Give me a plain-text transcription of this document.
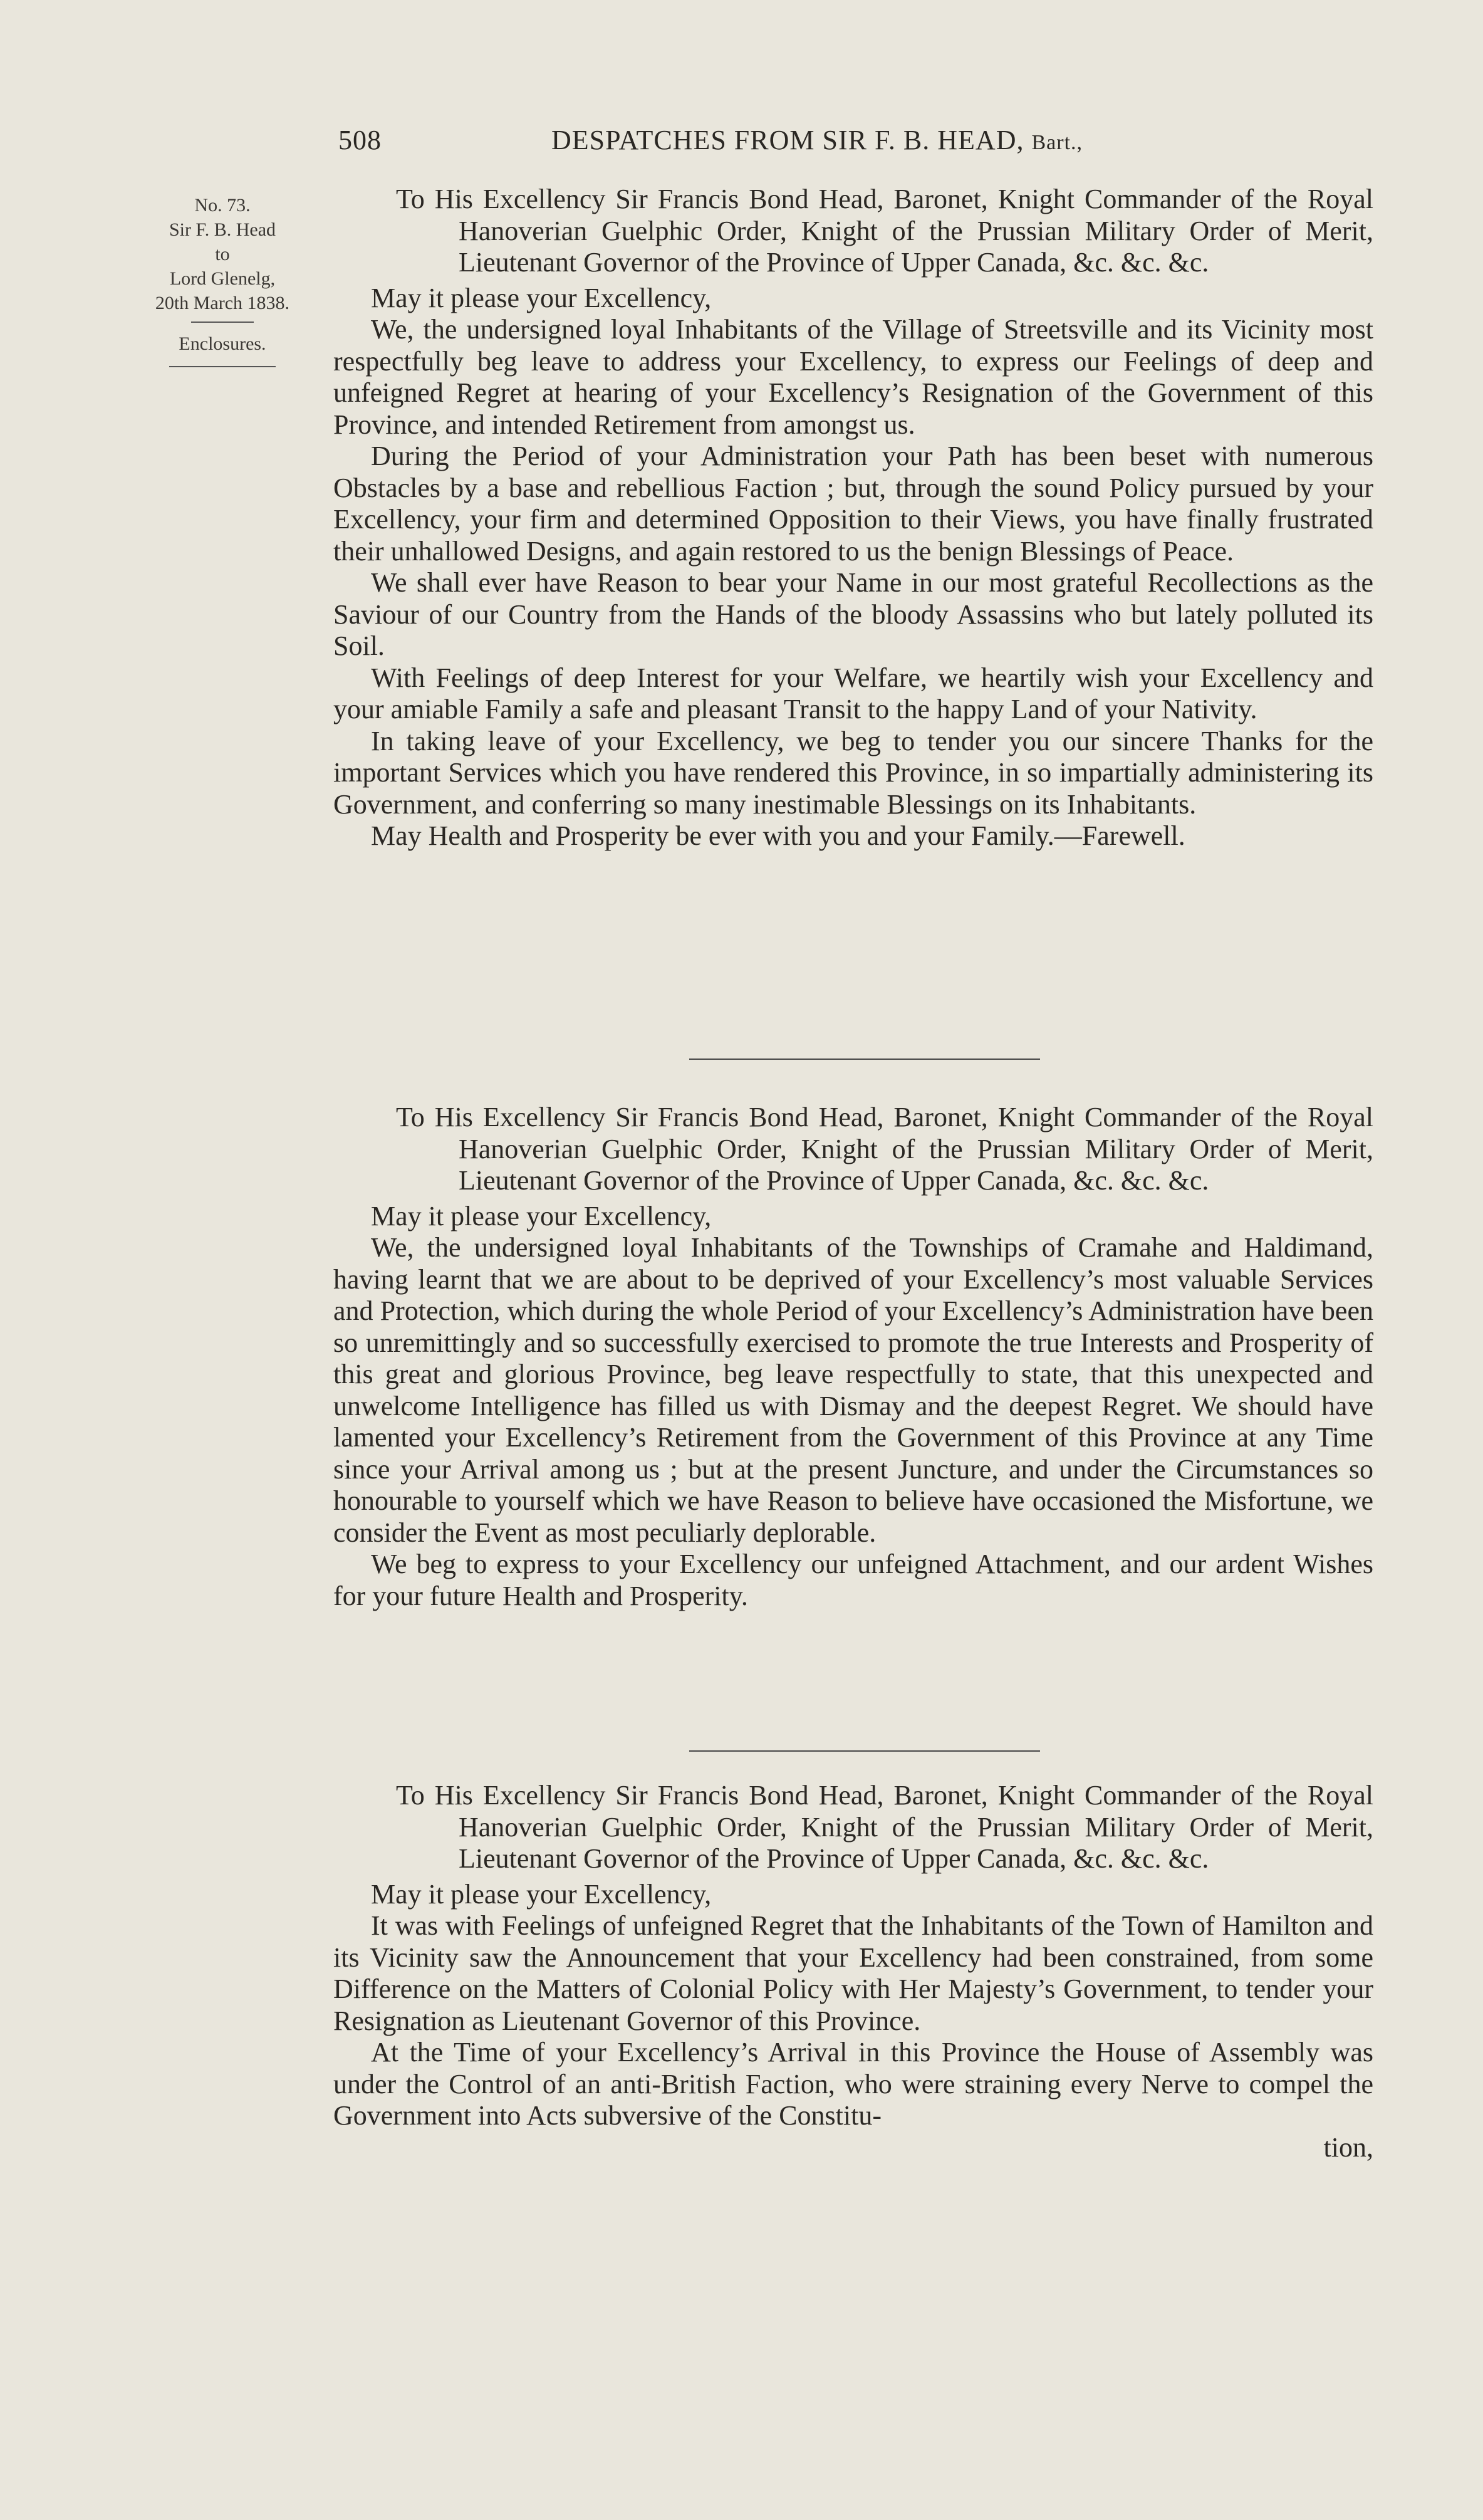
508	DESPATCHES FROM SIR F. B. HEAD, Bart.,
No. 73.
Sir F. B. Head
to
Lord Glenelg,
20th March 1838.
Enclosures.

To His Excellency Sir Francis Bond Head, Baronet, Knight Commander of the Royal Hanoverian Guelphic Order, Knight of the Prussian Military Order of Merit, Lieutenant Governor of the Province of Upper Canada, &c. &c. &c.

May it please your Excellency,

We, the undersigned loyal Inhabitants of the Village of Streetsville and its Vicinity most respectfully beg leave to address your Excellency, to express our Feelings of deep and unfeigned Regret at hearing of your Excellency’s Resignation of the Government of this Province, and intended Retirement from amongst us.

During the Period of your Administration your Path has been beset with numerous Obstacles by a base and rebellious Faction ; but, through the sound Policy pursued by your Excellency, your firm and determined Opposition to their Views, you have finally frustrated their unhallowed Designs, and again restored to us the benign Blessings of Peace.

We shall ever have Reason to bear your Name in our most grateful Recollections as the Saviour of our Country from the Hands of the bloody Assassins who but lately polluted its Soil.

With Feelings of deep Interest for your Welfare, we heartily wish your Excellency and your amiable Family a safe and pleasant Transit to the happy Land of your Nativity.

In taking leave of your Excellency, we beg to tender you our sincere Thanks for the important Services which you have rendered this Province, in so impartially administering its Government, and conferring so many inestimable Blessings on its Inhabitants.

May Health and Prosperity be ever with you and your Family.—Farewell.

To His Excellency Sir Francis Bond Head, Baronet, Knight Commander of the Royal Hanoverian Guelphic Order, Knight of the Prussian Military Order of Merit, Lieutenant Governor of the Province of Upper Canada, &c. &c. &c.

May it please your Excellency,

We, the undersigned loyal Inhabitants of the Townships of Cramahe and Haldimand, having learnt that we are about to be deprived of your Excellency’s most valuable Services and Protection, which during the whole Period of your Excellency’s Administration have been so unremittingly and so successfully exercised to promote the true Interests and Prosperity of this great and glorious Province, beg leave respectfully to state, that this unexpected and unwelcome Intelligence has filled us with Dismay and the deepest Regret. We should have lamented your Excellency’s Retirement from the Government of this Province at any Time since your Arrival among us ; but at the present Juncture, and under the Circumstances so honourable to yourself which we have Reason to believe have occasioned the Misfortune, we consider the Event as most peculiarly deplorable.

We beg to express to your Excellency our unfeigned Attachment, and our ardent Wishes for your future Health and Prosperity.

To His Excellency Sir Francis Bond Head, Baronet, Knight Commander of the Royal Hanoverian Guelphic Order, Knight of the Prussian Military Order of Merit, Lieutenant Governor of the Province of Upper Canada, &c. &c. &c.

May it please your Excellency,

It was with Feelings of unfeigned Regret that the Inhabitants of the Town of Hamilton and its Vicinity saw the Announcement that your Excellency had been constrained, from some Difference on the Matters of Colonial Policy with Her Majesty’s Government, to tender your Resignation as Lieutenant Governor of this Province.

At the Time of your Excellency’s Arrival in this Province the House of Assembly was under the Control of an anti-British Faction, who were straining every Nerve to compel the Government into Acts subversive of the Constitu-

tion,
